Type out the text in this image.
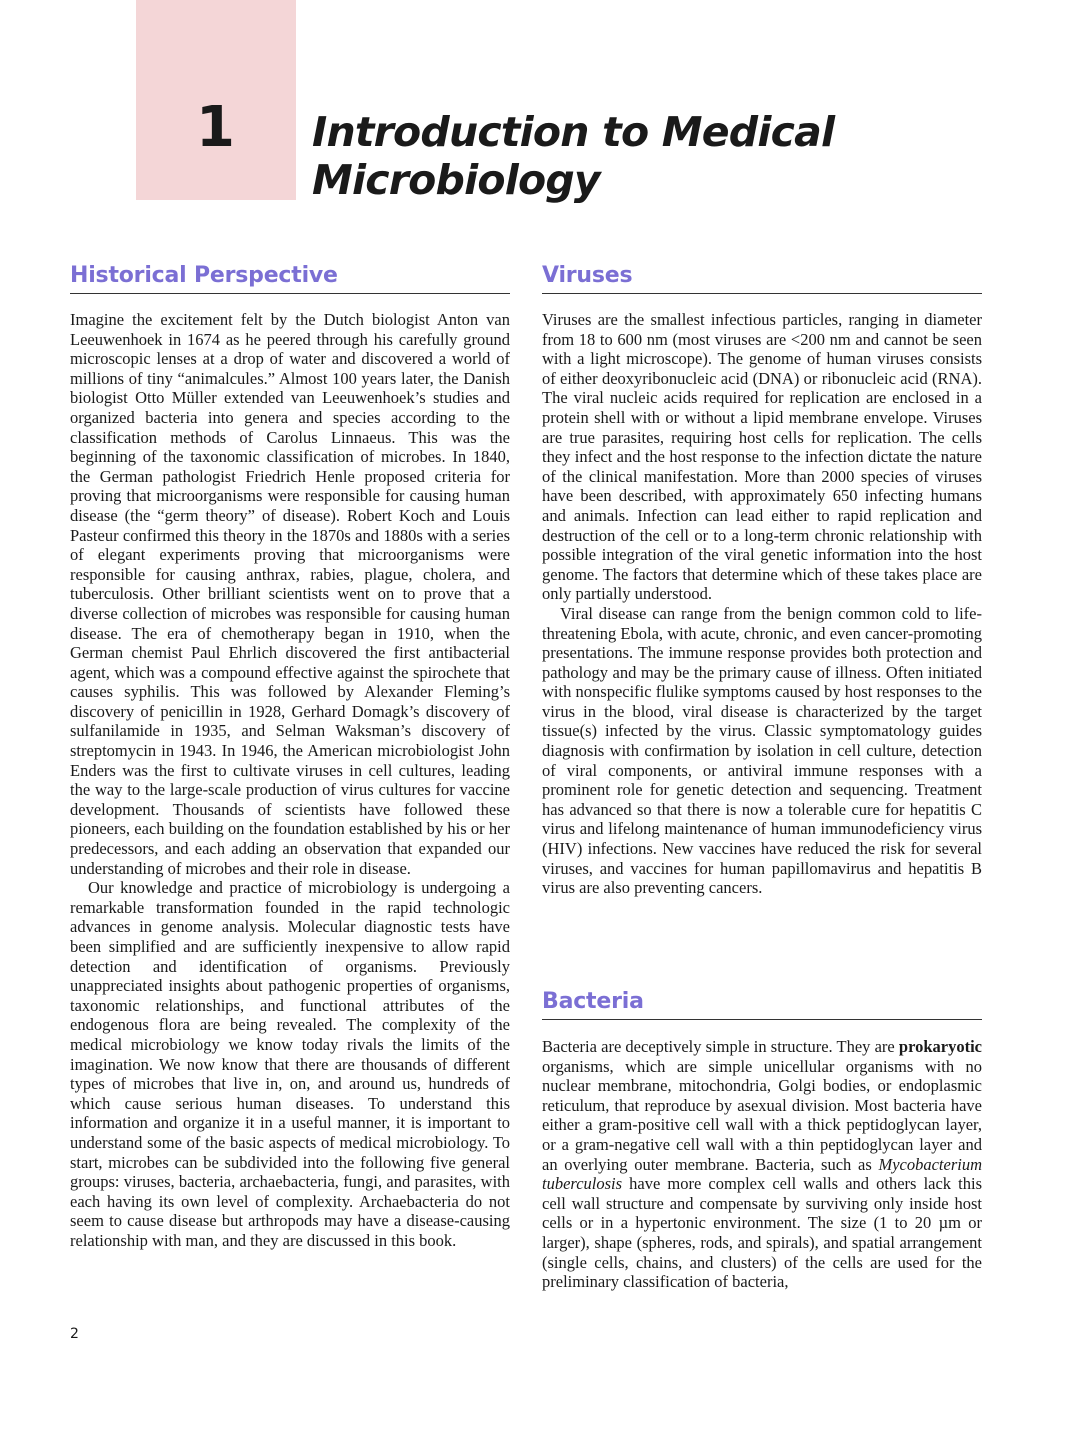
1 Introduction to Medical
Microbiology
Historical Perspective

Imagine the excitement felt by the Dutch biologist Anton van Leeuwenhoek in 1674 as he peered through his carefully ground microscopic lenses at a drop of water and discovered a world of millions of tiny “animalcules.” Almost 100 years later, the Danish biologist Otto Müller extended van Leeuwenhoek’s studies and organized bacteria into genera and species according to the classification methods of Carolus Linnaeus. This was the beginning of the taxonomic classification of microbes. In 1840, the German pathologist Friedrich Henle proposed criteria for proving that microorganisms were responsible for causing human disease (the “germ theory” of disease). Robert Koch and Louis Pasteur confirmed this theory in the 1870s and 1880s with a series of elegant experiments proving that microorganisms were responsible for causing anthrax, rabies, plague, cholera, and tuberculosis. Other brilliant scientists went on to prove that a diverse collection of microbes was responsible for causing human disease. The era of chemotherapy began in 1910, when the German chemist Paul Ehrlich discovered the first antibacterial agent, which was a compound effective against the spirochete that causes syphilis. This was followed by Alexander Fleming’s discovery of penicillin in 1928, Gerhard Domagk’s discovery of sulfanilamide in 1935, and Selman Waksman’s discovery of streptomycin in 1943. In 1946, the American microbiologist John Enders was the first to cultivate viruses in cell cultures, leading the way to the large-scale production of virus cultures for vaccine development. Thousands of scientists have followed these pioneers, each building on the foundation established by his or her predecessors, and each adding an observation that expanded our understanding of microbes and their role in disease.

Our knowledge and practice of microbiology is undergoing a remarkable transformation founded in the rapid technologic advances in genome analysis. Molecular diagnostic tests have been simplified and are sufficiently inexpensive to allow rapid detection and identification of organisms. Previously unappreciated insights about pathogenic properties of organisms, taxonomic relationships, and functional attributes of the endogenous flora are being revealed. The complexity of the medical microbiology we know today rivals the limits of the imagination. We now know that there are thousands of different types of microbes that live in, on, and around us, hundreds of which cause serious human diseases. To understand this information and organize it in a useful manner, it is important to understand some of the basic aspects of medical microbiology. To start, microbes can be subdivided into the following five general groups: viruses, bacteria, archaebacteria, fungi, and parasites, with each having its own level of complexity. Archaebacteria do not seem to cause disease but arthropods may have a disease-causing relationship with man, and they are discussed in this book.

Viruses

Viruses are the smallest infectious particles, ranging in diameter from 18 to 600 nm (most viruses are <200 nm and cannot be seen with a light microscope). The genome of human viruses consists of either deoxyribonucleic acid (DNA) or ribonucleic acid (RNA). The viral nucleic acids required for replication are enclosed in a protein shell with or without a lipid membrane envelope. Viruses are true parasites, requiring host cells for replication. The cells they infect and the host response to the infection dictate the nature of the clinical manifestation. More than 2000 species of viruses have been described, with approximately 650 infecting humans and animals. Infection can lead either to rapid replication and destruction of the cell or to a long-term chronic relationship with possible integration of the viral genetic information into the host genome. The factors that determine which of these takes place are only partially understood.

Viral disease can range from the benign common cold to life-threatening Ebola, with acute, chronic, and even cancer-promoting presentations. The immune response provides both protection and pathology and may be the primary cause of illness. Often initiated with nonspecific flulike symptoms caused by host responses to the virus in the blood, viral disease is characterized by the target tissue(s) infected by the virus. Classic symptomatology guides diagnosis with confirmation by isolation in cell culture, detection of viral components, or antiviral immune responses with a prominent role for genetic detection and sequencing. Treatment has advanced so that there is now a tolerable cure for hepatitis C virus and lifelong maintenance of human immunodeficiency virus (HIV) infections. New vaccines have reduced the risk for several viruses, and vaccines for human papillomavirus and hepatitis B virus are also preventing cancers.

Bacteria

Bacteria are deceptively simple in structure. They are prokaryotic organisms, which are simple unicellular organisms with no nuclear membrane, mitochondria, Golgi bodies, or endoplasmic reticulum, that reproduce by asexual division. Most bacteria have either a gram-positive cell wall with a thick peptidoglycan layer, or a gram-negative cell wall with a thin peptidoglycan layer and an overlying outer membrane. Bacteria, such as Mycobacterium tuberculosis have more complex cell walls and others lack this cell wall structure and compensate by surviving only inside host cells or in a hypertonic environment. The size (1 to 20 µm or larger), shape (spheres, rods, and spirals), and spatial arrangement (single cells, chains, and clusters) of the cells are used for the preliminary classification of bacteria,

2
